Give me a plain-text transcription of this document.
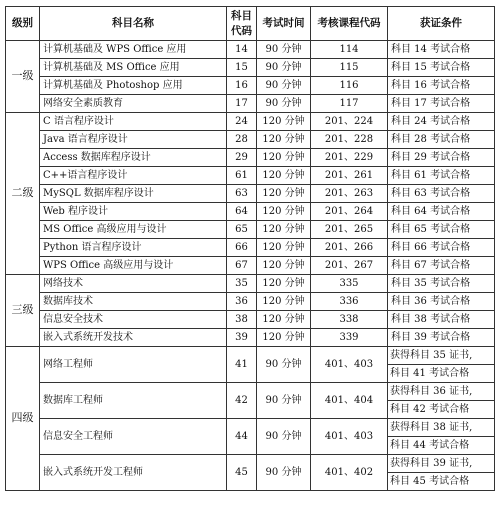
级别	科目名称	科目代码	考试时间	考核课程代码	获证条件
一级	计算机基础及 WPS Office 应用	14	90 分钟	114	科目 14 考试合格
	计算机基础及 MS Office 应用	15	90 分钟	115	科目 15 考试合格
	计算机基础及 Photoshop 应用	16	90 分钟	116	科目 16 考试合格
	网络安全素质教育	17	90 分钟	117	科目 17 考试合格
二级	C 语言程序设计	24	120 分钟	201、224	科目 24 考试合格
	Java 语言程序设计	28	120 分钟	201、228	科目 28 考试合格
	Access 数据库程序设计	29	120 分钟	201、229	科目 29 考试合格
	C++语言程序设计	61	120 分钟	201、261	科目 61 考试合格
	MySQL 数据库程序设计	63	120 分钟	201、263	科目 63 考试合格
	Web 程序设计	64	120 分钟	201、264	科目 64 考试合格
	MS Office 高级应用与设计	65	120 分钟	201、265	科目 65 考试合格
	Python 语言程序设计	66	120 分钟	201、266	科目 66 考试合格
	WPS Office 高级应用与设计	67	120 分钟	201、267	科目 67 考试合格
三级	网络技术	35	120 分钟	335	科目 35 考试合格
	数据库技术	36	120 分钟	336	科目 36 考试合格
	信息安全技术	38	120 分钟	338	科目 38 考试合格
	嵌入式系统开发技术	39	120 分钟	339	科目 39 考试合格
四级	网络工程师	41	90 分钟	401、403	获得科目 35 证书,
					科目 41 考试合格
	数据库工程师	42	90 分钟	401、404	获得科目 36 证书,
					科目 42 考试合格
	信息安全工程师	44	90 分钟	401、403	获得科目 38 证书,
					科目 44 考试合格
	嵌入式系统开发工程师	45	90 分钟	401、402	获得科目 39 证书,
					科目 45 考试合格
